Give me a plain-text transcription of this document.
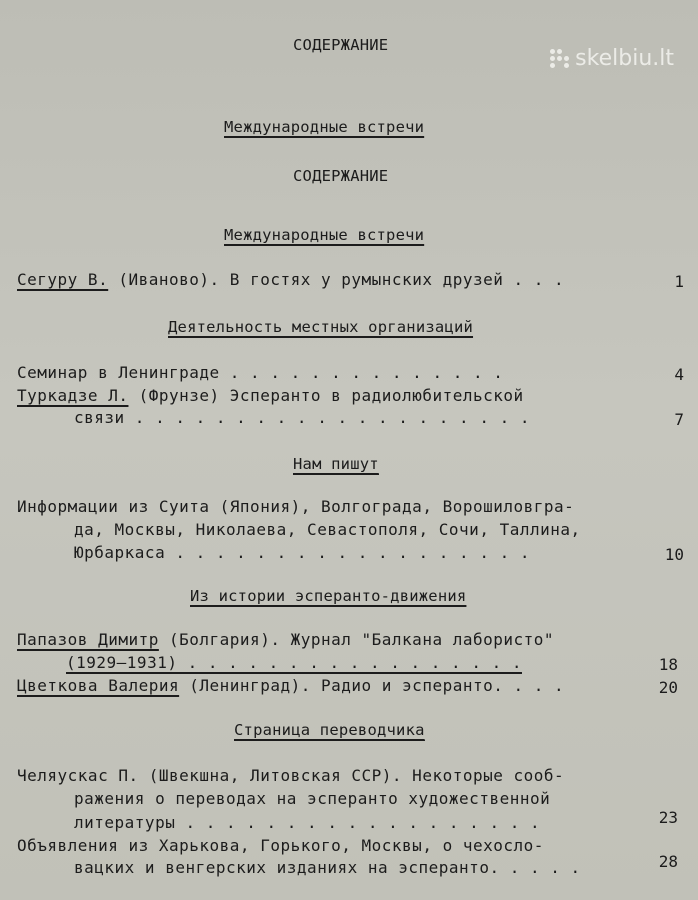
skelbiu.lt
СОДЕРЖАНИЕ
Международные встречи
СОДЕРЖАНИЕ
Международные встречи
Сегуру В. (Иваново). В гостях у румынских друзей . . .	1
Деятельность местных организаций
Семинар в Ленинграде . . . . . . . . . . . . . .	4
Туркадзе Л. (Фрунзе) Эсперанто в радиолюбительской
связи . . . . . . . . . . . . . . . . . . . .	7
Нам пишут
Информации из Суита (Япония), Волгограда, Ворошиловгра-
да, Москвы, Николаева, Севастополя, Сочи, Таллина,
Юрбаркаса . . . . . . . . . . . . . . . . . .	10
Из истории эсперанто-движения
Папазов Димитр (Болгария). Журнал "Балкана лабористо"
(1929—1931) . . . . . . . . . . . . . . . . .	18
Цветкова Валерия (Ленинград). Радио и эсперанто. . . .	20
Страница переводчика
Челяускас П. (Швекшна, Литовская ССР). Некоторые сооб-
ражения о переводах на эсперанто художественной
литературы . . . . . . . . . . . . . . . . . .	23
Объявления из Харькова, Горького, Москвы, о чехосло-
вацких и венгерских изданиях на эсперанто. . . . .	28
